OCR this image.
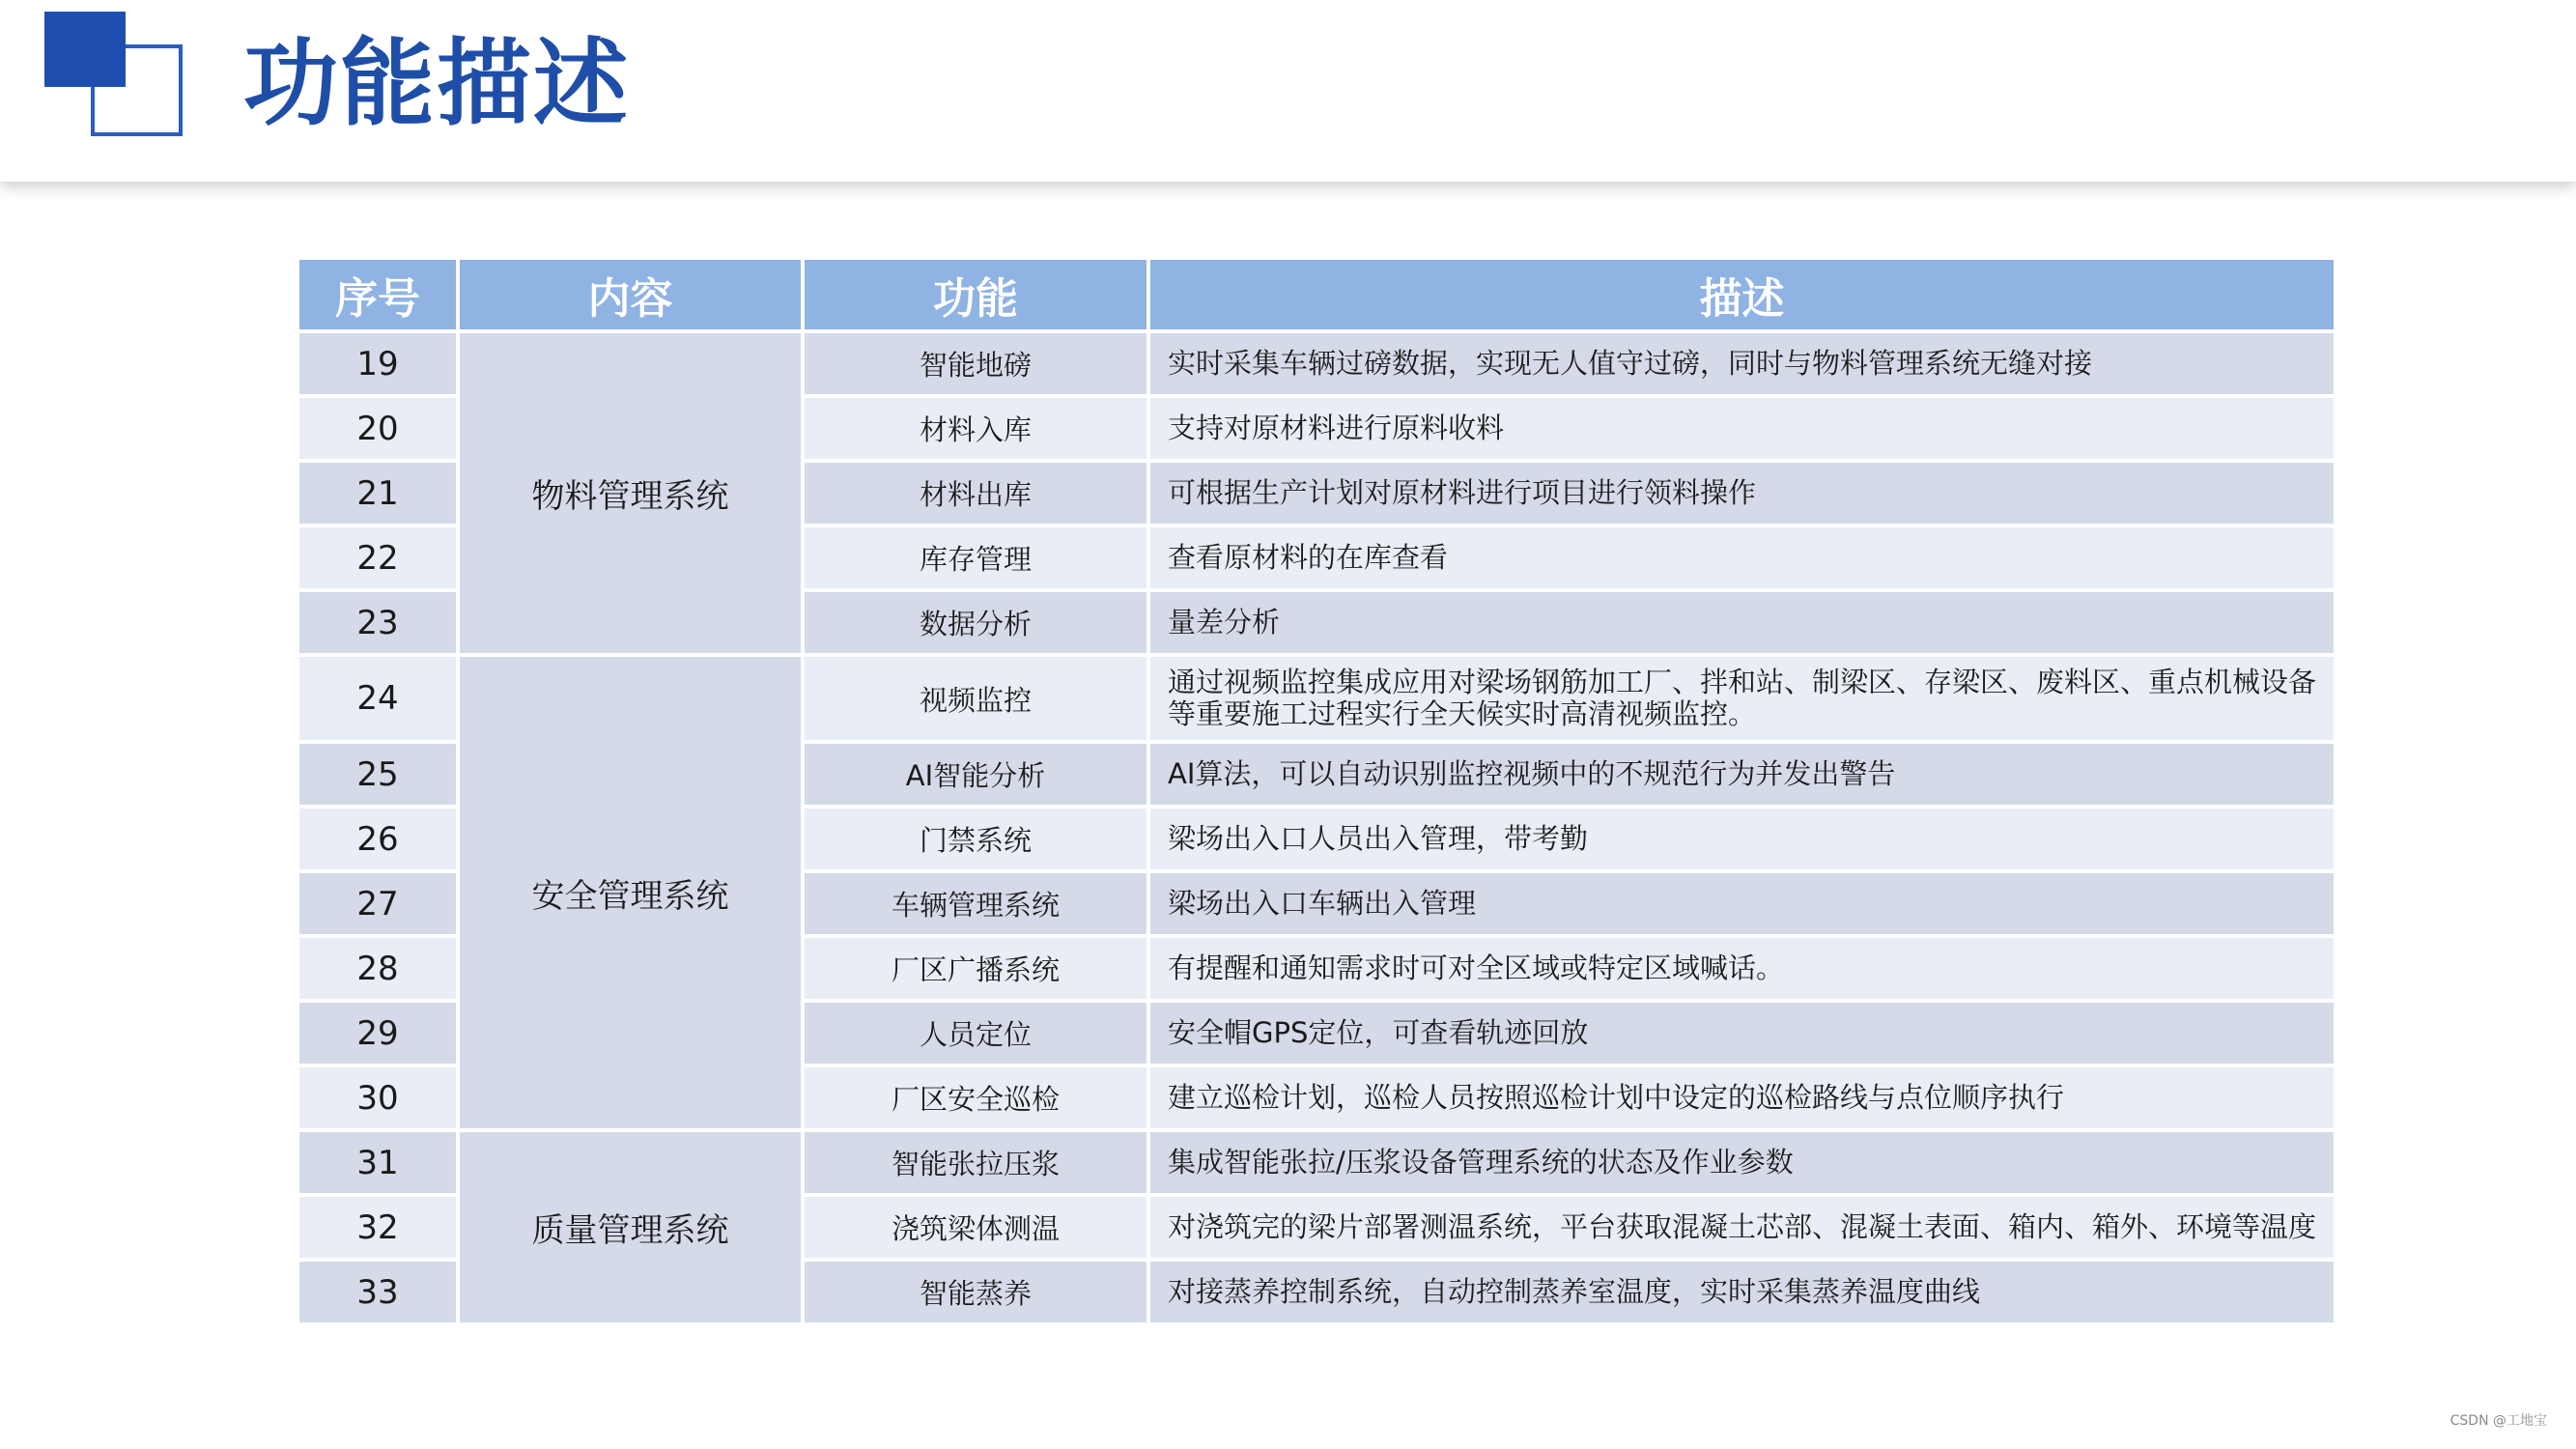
功能描述
序号	内容	功能	描述
19	物料管理系统	智能地磅	实时采集车辆过磅数据，实现无人值守过磅，同时与物料管理系统无缝对接
20		材料入库	支持对原材料进行原料收料
21		材料出库	可根据生产计划对原材料进行项目进行领料操作
22		库存管理	查看原材料的在库查看
23		数据分析	量差分析
24	安全管理系统	视频监控	通过视频监控集成应用对梁场钢筋加工厂、拌和站、制梁区、存梁区、废料区、重点机械设备等重要施工过程实行全天候实时高清视频监控。
25		AI智能分析	AI算法，可以自动识别监控视频中的不规范行为并发出警告
26		门禁系统	梁场出入口人员出入管理，带考勤
27		车辆管理系统	梁场出入口车辆出入管理
28		厂区广播系统	有提醒和通知需求时可对全区域或特定区域喊话。
29		人员定位	安全帽GPS定位，可查看轨迹回放
30		厂区安全巡检	建立巡检计划，巡检人员按照巡检计划中设定的巡检路线与点位顺序执行
31	质量管理系统	智能张拉压浆	集成智能张拉/压浆设备管理系统的状态及作业参数
32		浇筑梁体测温	对浇筑完的梁片部署测温系统，平台获取混凝土芯部、混凝土表面、箱内、箱外、环境等温度
33		智能蒸养	对接蒸养控制系统，自动控制蒸养室温度，实时采集蒸养温度曲线
CSDN @工地宝
